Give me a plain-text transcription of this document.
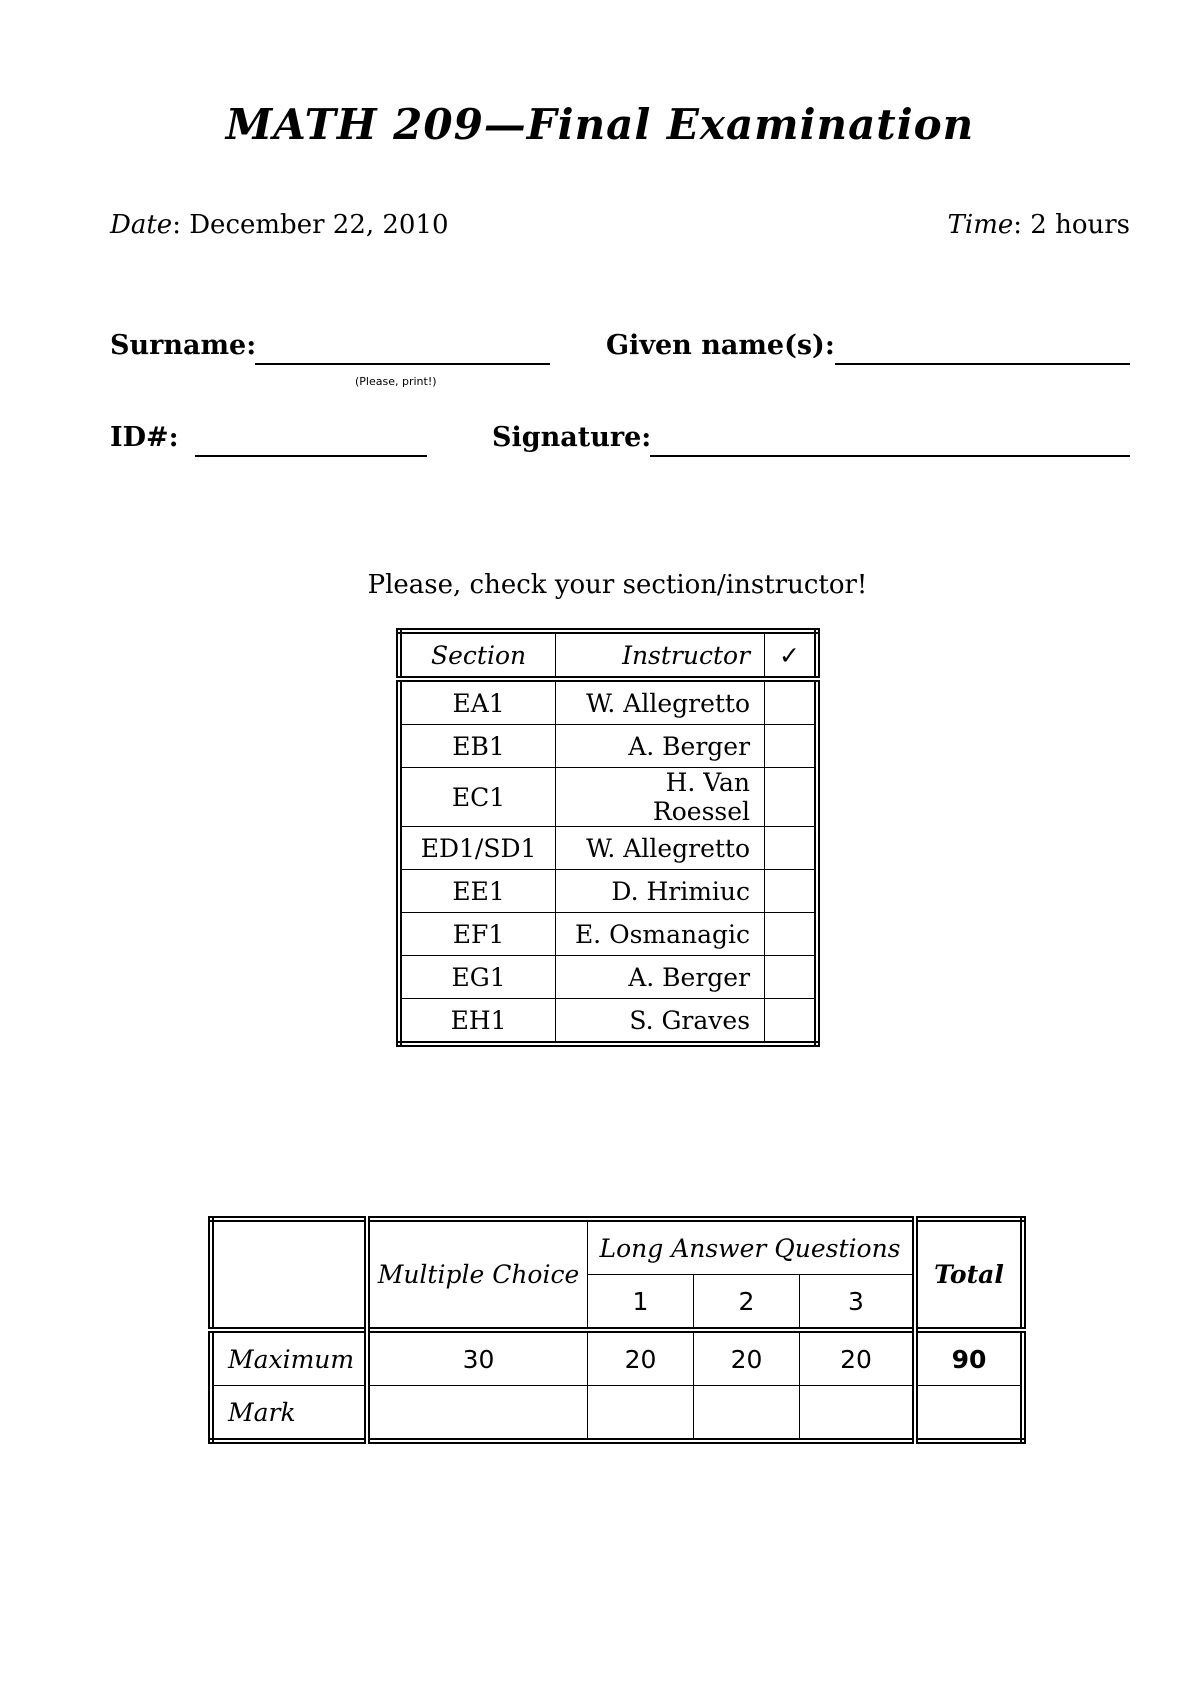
MATH 209—Final Examination
Date: December 22, 2010	Time: 2 hours
Surname:
(Please, print!)
Given name(s):
ID#:	Signature:
Please, check your section/instructor!
Section	Instructor	✓
EA1	W. Allegretto	
EB1	A. Berger	
EC1	H. Van Roessel	
ED1/SD1	W. Allegretto	
EE1	D. Hrimiuc	
EF1	E. Osmanagic	
EG1	A. Berger	
EH1	S. Graves	
	Multiple Choice	Long Answer Questions			Total
		1	2	3	
Maximum	30	20	20	20	90
Mark					
